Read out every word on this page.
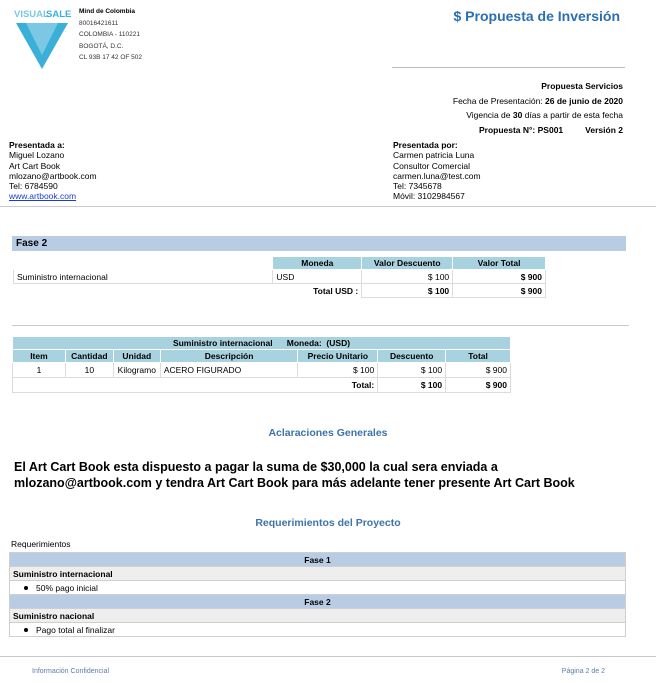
VISUAL
SALE Mind de Colombia
80016421611
COLOMBIA - 110221
BOGOTÁ, D.C.
CL 93B 17 42 OF 502
$ Propuesta de Inversión
Propuesta Servicios
Fecha de Presentación: 26 de junio de 2020
Vigencia de 30 días a partir de esta fecha
Propuesta N°: PS001	Versión 2
Presentada a:
Miguel Lozano
Art Cart Book
mlozano@artbook.com
Tel: 6784590
www.artbook.com
Presentada por:
Carmen patricia Luna
Consultor Comercial
carmen.luna@test.com
Tel: 7345678
Móvil: 3102984567
Fase 2
	Moneda	Valor Descuento	Valor Total
Suministro internacional	USD	$ 100	$ 900
Total USD :		$ 100	$ 900
Suministro internacional      Moneda:  (USD)						
Item	Cantidad	Unidad	Descripción	Precio Unitario	Descuento	Total
1	10	Kilogramo	ACERO FIGURADO	$ 100	$ 100	$ 900
Total:					$ 100	$ 900
Aclaraciones Generales
El Art Cart Book esta dispuesto a pagar la suma de $30,000 la cual sera enviada a mlozano@artbook.com y tendra Art Cart Book para más adelante tener presente Art Cart Book
Requerimientos del Proyecto
Requerimientos
Fase 1
Suministro internacional
50% pago inicial
Fase 2
Suministro nacional
Pago total al finalizar
Información Confidencial	Página 2 de 2
